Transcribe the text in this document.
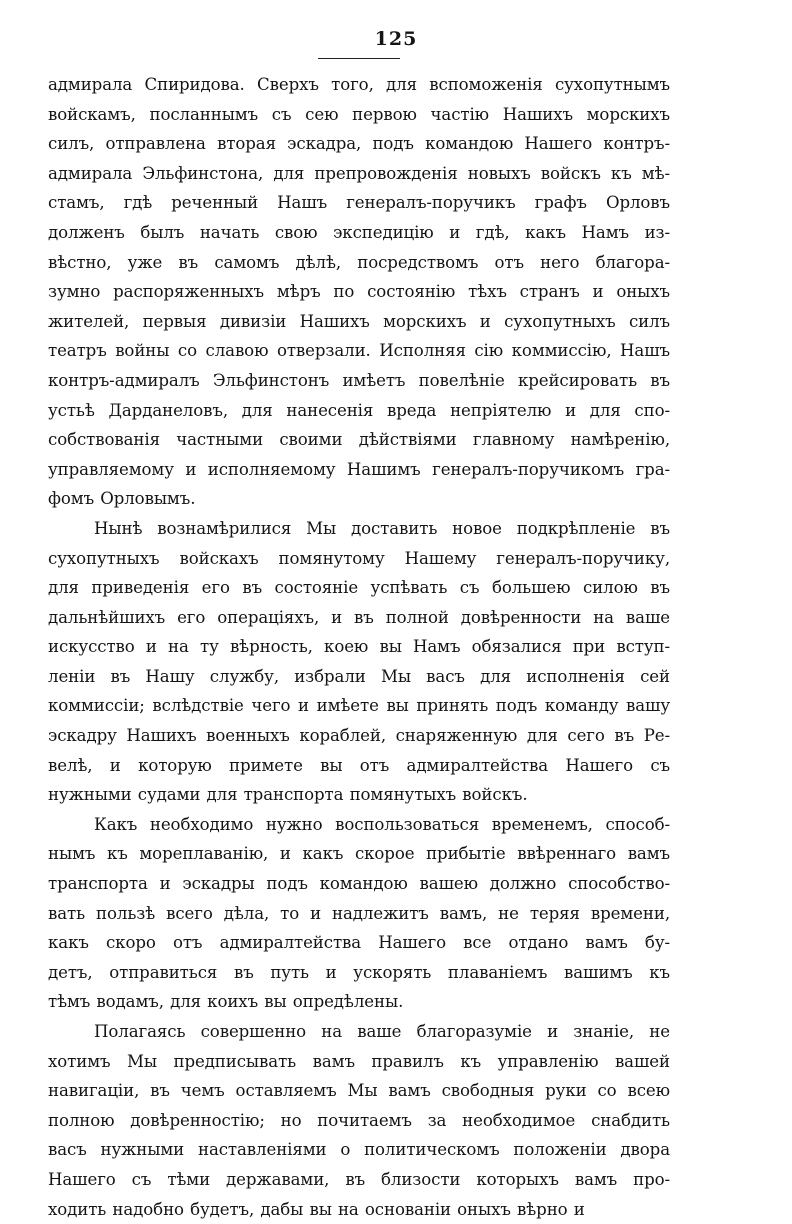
125
адмирала Спиридова. Сверхъ того, для вспоможенія сухопутнымъ
войскамъ, посланнымъ съ сею первою частію Нашихъ морскихъ
силъ, отправлена вторая эскадра, подъ командою Нашего контръ-
адмирала Эльфинстона, для препровожденія новыхъ войскъ къ мѣ-
стамъ, гдѣ реченный Нашъ генералъ-поручикъ графъ Орловъ
долженъ былъ начать свою экспедицію и гдѣ, какъ Намъ из-
вѣстно, уже въ самомъ дѣлѣ, посредствомъ отъ него благора-
зумно распоряженныхъ мѣръ по состоянію тѣхъ странъ и оныхъ
жителей, первыя дивизіи Нашихъ морскихъ и сухопутныхъ силъ
театръ войны со славою отверзали. Исполняя сію коммиссію, Нашъ
контръ-адмиралъ Эльфинстонъ имѣетъ повелѣніе крейсировать въ
устьѣ Дарданеловъ, для нанесенія вреда непріятелю и для спо-
собствованія частными своими дѣйствіями главному намѣренію,
управляемому и исполняемому Нашимъ генералъ-поручикомъ гра-
фомъ Орловымъ.
Нынѣ вознамѣрилися Мы доставить новое подкрѣпленіе въ
сухопутныхъ войскахъ помянутому Нашему генералъ-поручику,
для приведенія его въ состояніе успѣвать съ большею силою въ
дальнѣйшихъ его операціяхъ, и въ полной довѣренности на ваше
искусство и на ту вѣрность, коею вы Намъ обязалися при вступ-
леніи въ Нашу службу, избрали Мы васъ для исполненія сей
коммиссіи; вслѣдствіе чего и имѣете вы принять подъ команду вашу
эскадру Нашихъ военныхъ кораблей, снаряженную для сего въ Ре-
велѣ, и которую примете вы отъ адмиралтейства Нашего съ
нужными судами для транспорта помянутыхъ войскъ.
Какъ необходимо нужно воспользоваться временемъ, способ-
нымъ къ мореплаванію, и какъ скорое прибытіе ввѣреннаго вамъ
транспорта и эскадры подъ командою вашею должно способство-
вать пользѣ всего дѣла, то и надлежитъ вамъ, не теряя времени,
какъ скоро отъ адмиралтейства Нашего все отдано вамъ бу-
детъ, отправиться въ путь и ускорять плаваніемъ вашимъ къ
тѣмъ водамъ, для коихъ вы опредѣлены.
Полагаясь совершенно на ваше благоразуміе и знаніе, не
хотимъ Мы предписывать вамъ правилъ къ управленію вашей
навигаціи, въ чемъ оставляемъ Мы вамъ свободныя руки со всею
полною довѣренностію; но почитаемъ за необходимое снабдить
васъ нужными наставленіями о политическомъ положеніи двора
Нашего съ тѣми державами, въ близости которыхъ вамъ про-
ходить надобно будетъ, дабы вы на основаніи оныхъ вѣрно и
